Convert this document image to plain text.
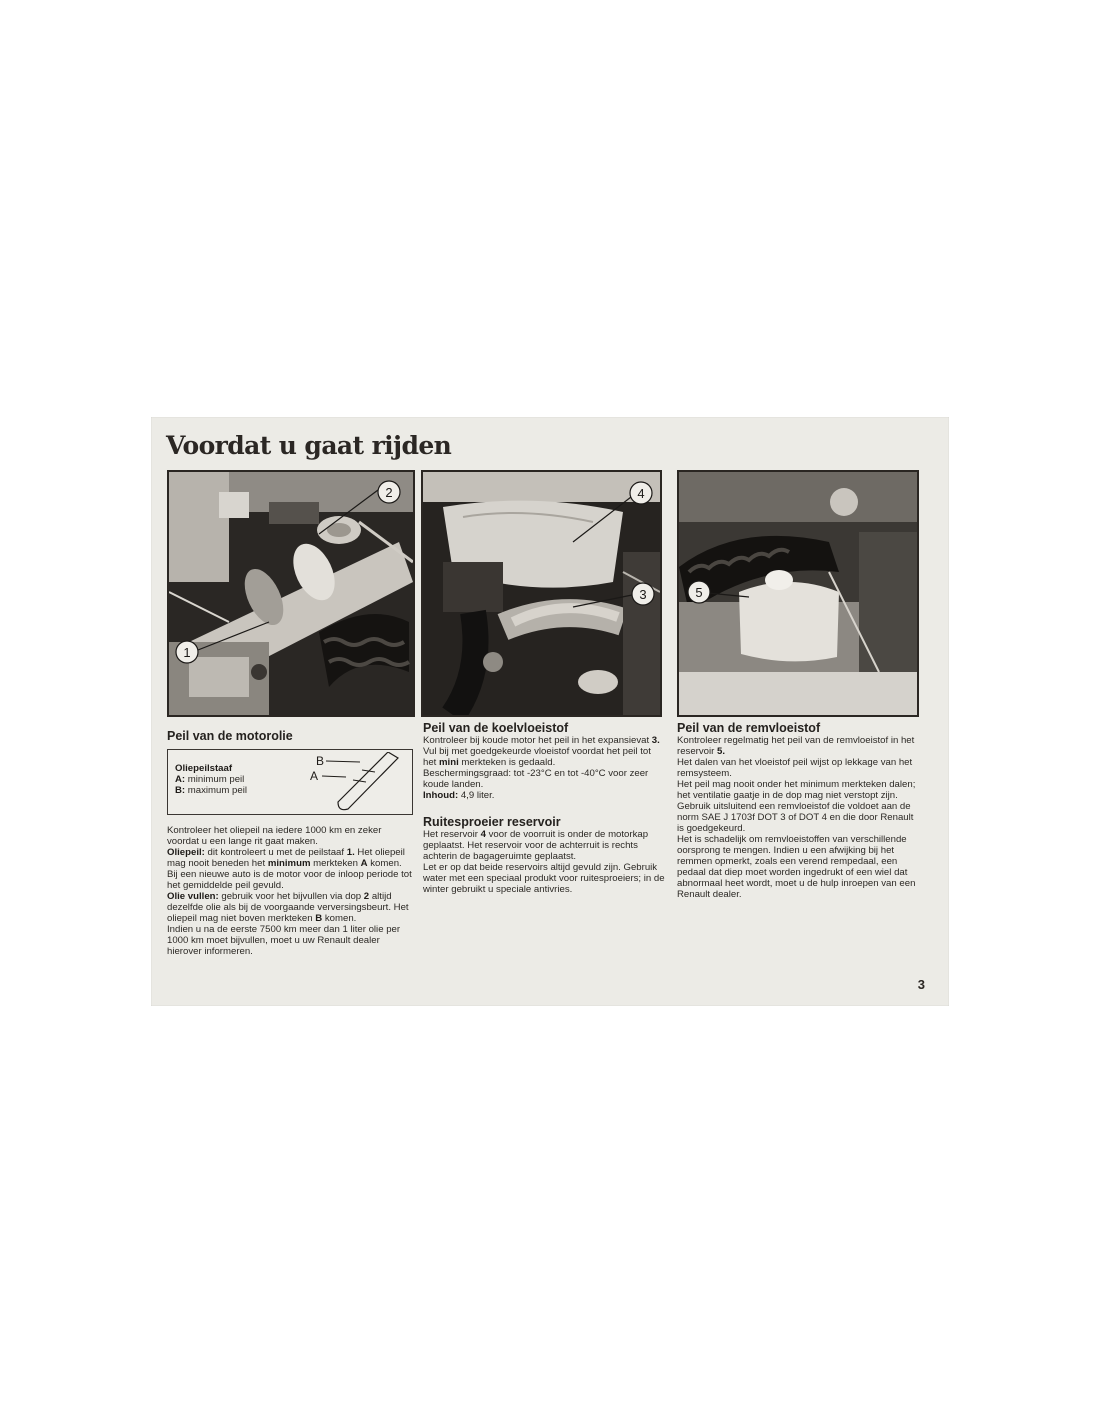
Voordat u gaat rijden
2
1
4
3	5

Peil van de motorolie

Oliepeilstaaf
A: minimum peil
B: maximum peil
B
A

Kontroleer het oliepeil na iedere 1000 km en zeker voordat u een lange rit gaat maken.

Oliepeil: dit kontroleert u met de peilstaaf 1. Het oliepeil mag nooit beneden het minimum merkteken A komen.

Bij een nieuwe auto is de motor voor de inloop periode tot het gemiddelde peil gevuld.

Olie vullen: gebruik voor het bijvullen via dop 2 altijd dezelfde olie als bij de voorgaande verversingsbeurt. Het oliepeil mag niet boven merkteken B komen.

Indien u na de eerste 7500 km meer dan 1 liter olie per 1000 km moet bijvullen, moet u uw Renault dealer hierover informeren.

Peil van de koelvloeistof

Kontroleer bij koude motor het peil in het expansievat 3. Vul bij met goedgekeurde vloeistof voordat het peil tot het mini merkteken is gedaald.

Beschermingsgraad: tot -23°C en tot -40°C voor zeer koude landen.

Inhoud: 4,9 liter.

Ruitesproeier reservoir

Het reservoir 4 voor de voorruit is onder de motorkap geplaatst. Het reservoir voor de achterruit is rechts achterin de bagageruimte geplaatst.

Let er op dat beide reservoirs altijd gevuld zijn. Gebruik water met een speciaal produkt voor ruitesproeiers; in de winter gebruikt u speciale antivries.

Peil van de remvloeistof

Kontroleer regelmatig het peil van de remvloeistof in het reservoir 5.

Het dalen van het vloeistof peil wijst op lekkage van het remsysteem.

Het peil mag nooit onder het minimum merkteken dalen; het ventilatie gaatje in de dop mag niet verstopt zijn.

Gebruik uitsluitend een remvloeistof die voldoet aan de norm SAE J 1703f DOT 3 of DOT 4 en die door Renault is goedgekeurd.

Het is schadelijk om remvloeistoffen van verschillende oorsprong te mengen. Indien u een afwijking bij het remmen opmerkt, zoals een verend rempedaal, een pedaal dat diep moet worden ingedrukt of een wiel dat abnormaal heet wordt, moet u de hulp inroepen van een Renault dealer.

3
